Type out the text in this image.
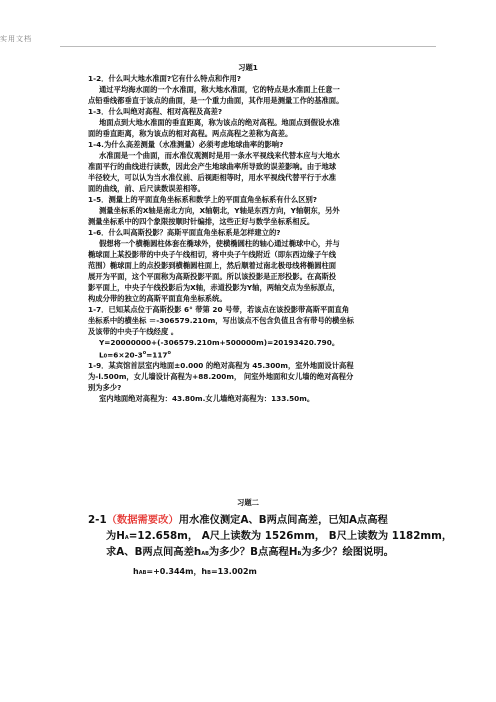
实用文档
习题1
1-2．什么叫大地水准面?它有什么特点和作用?
通过平均海水面的一个水准面，称大地水准面，它的特点是水准面上任意一
点铅垂线都垂直于该点的曲面，是一个重力曲面，其作用是测量工作的基准面。
1-3．什么叫绝对高程、相对高程及高差?
地面点到大地水准面的垂直距离，称为该点的绝对高程。地面点到假设水准
面的垂直距离，称为该点的相对高程。两点高程之差称为高差。
1-4.为什么高差测量（水准测量）必须考虑地球曲率的影响?
水准面是一个曲面，而水准仪观测时是用一条水平视线来代替本应与大地水
准面平行的曲线进行读数，因此会产生地球曲率所导致的误差影响。由于地球
半径较大，可以认为当水准仪前、后视距相等时，用水平视线代替平行于水准
面的曲线，前、后尺读数误差相等。
1-5．测量上的平面直角坐标系和数学上的平面直角坐标系有什么区别?
测量坐标系的X轴是南北方向，X轴朝北，Y轴是东西方向，Y轴朝东，另外
测量坐标系中的四个象限按顺时针编排，这些正好与数学坐标系相反。
1-6．什么叫高斯投影？高斯平面直角坐标系是怎样建立的?
假想将一个横椭圆柱体套在椭球外，使横椭圆柱的轴心通过椭球中心，并与
椭球面上某投影带的中央子午线相切，将中央子午线附近（即东西边缘子午线
范围）椭球面上的点投影到横椭圆柱面上，然后顺着过南北极母线将椭圆柱面
展开为平面，这个平面称为高斯投影平面。所以该投影是正形投影。在高斯投
影平面上，中央子午线投影后为X轴，赤道投影为Y轴，两轴交点为坐标原点，
构成分带的独立的高斯平面直角坐标系统。
1-7．已知某点位于高斯投影 6° 带第 20 号带，若该点在该投影带高斯平面直角
坐标系中的横坐标 ＝-306579.210m，写出该点不包含负值且含有带号的横坐标
及该带的中央子午线经度 。
Y=20000000+(-306579.210m+500000m)=20193420.790。
$L0=6\times 20-3^o=117^o$
1-9．某宾馆首层室内地面±0.000 的绝对高程为 45.300m，室外地面设计高程
为-l.500m，女儿墙设计高程为+88.200m， 问室外地面和女儿墙的绝对高程分
别为多少?
室内地面绝对高程为：43.80m.女儿墙绝对高程为：133.50m。
习题二
2-1（数据需要改）用水准仪测定A、B两点间高差，已知A点高程
为HA=12.658m， A尺上读数为 1526mm， B尺上读数为 1182mm，
求A、B两点间高差hAB为多少？B点高程HB为多少？绘图说明。
hAB=+0.344m，hB=13.002m
